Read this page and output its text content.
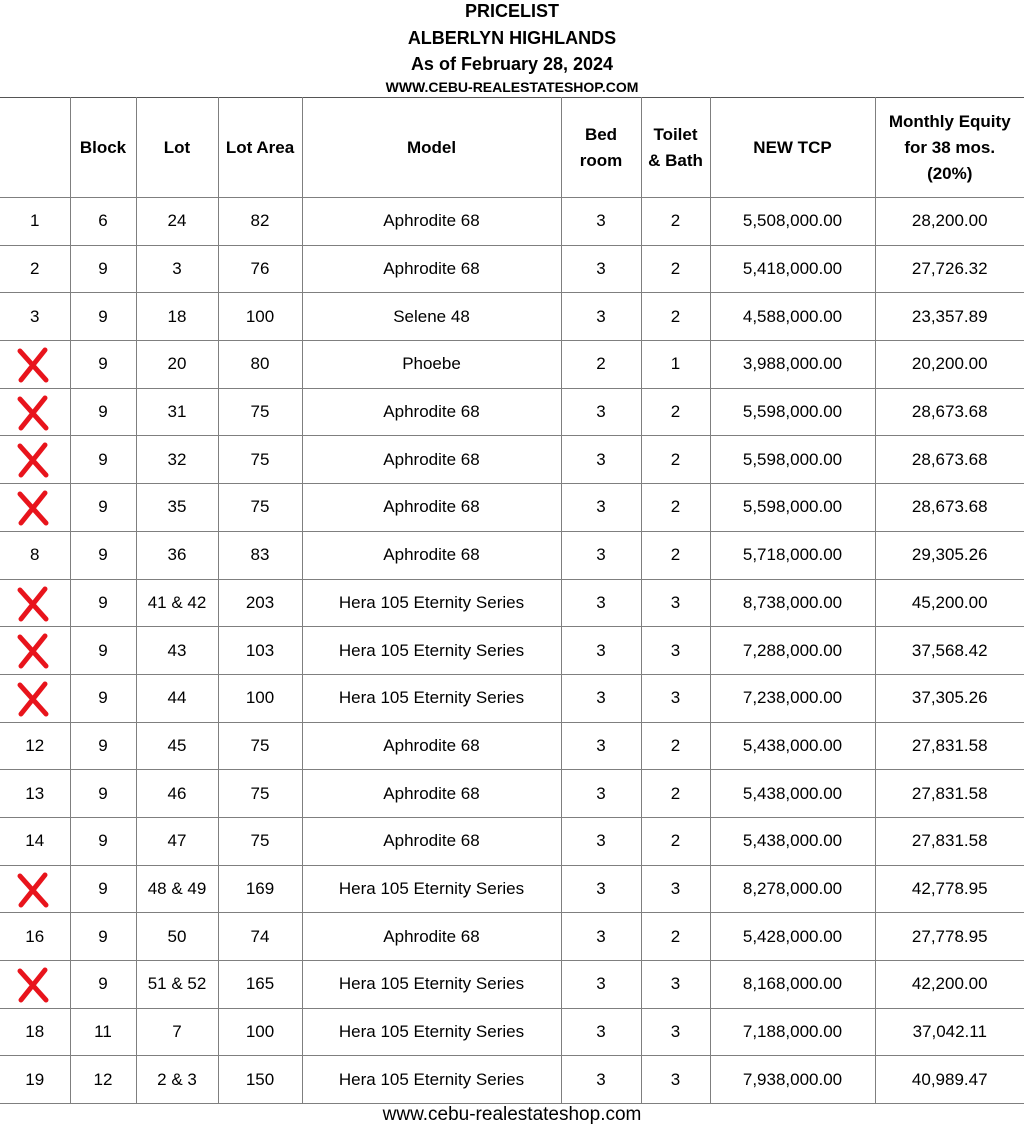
PRICELIST
ALBERLYN HIGHLANDS
As of February 28, 2024
WWW.CEBU-REALESTATESHOP.COM
	Block	Lot	Lot Area	Model	Bed room	Toilet & Bath	NEW TCP	Monthly Equity for 38 mos. (20%)
1	6	24	82	Aphrodite 68	3	2	5,508,000.00	28,200.00
2	9	3	76	Aphrodite 68	3	2	5,418,000.00	27,726.32
3	9	18	100	Selene 48	3	2	4,588,000.00	23,357.89

	9	20	80	Phoebe	2	1	3,988,000.00	20,200.00

	9	31	75	Aphrodite 68	3	2	5,598,000.00	28,673.68

	9	32	75	Aphrodite 68	3	2	5,598,000.00	28,673.68

	9	35	75	Aphrodite 68	3	2	5,598,000.00	28,673.68
8	9	36	83	Aphrodite 68	3	2	5,718,000.00	29,305.26

	9	41 & 42	203	Hera 105 Eternity Series	3	3	8,738,000.00	45,200.00

	9	43	103	Hera 105 Eternity Series	3	3	7,288,000.00	37,568.42

	9	44	100	Hera 105 Eternity Series	3	3	7,238,000.00	37,305.26
12	9	45	75	Aphrodite 68	3	2	5,438,000.00	27,831.58
13	9	46	75	Aphrodite 68	3	2	5,438,000.00	27,831.58
14	9	47	75	Aphrodite 68	3	2	5,438,000.00	27,831.58

	9	48 & 49	169	Hera 105 Eternity Series	3	3	8,278,000.00	42,778.95
16	9	50	74	Aphrodite 68	3	2	5,428,000.00	27,778.95

	9	51 & 52	165	Hera 105 Eternity Series	3	3	8,168,000.00	42,200.00
18	11	7	100	Hera 105 Eternity Series	3	3	7,188,000.00	37,042.11
19	12	2 & 3	150	Hera 105 Eternity Series	3	3	7,938,000.00	40,989.47
www.cebu-realestateshop.com
